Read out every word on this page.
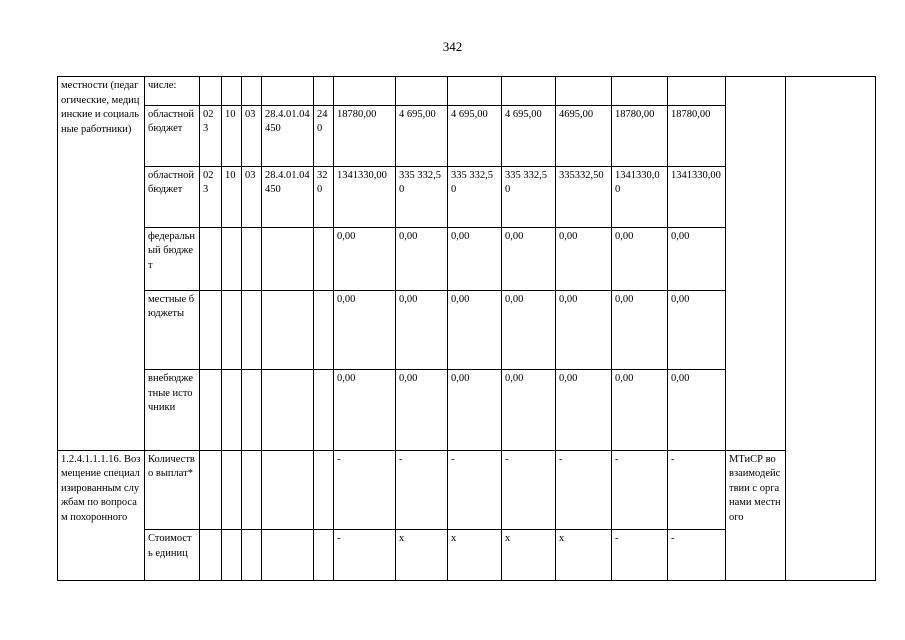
342
местности (педагогические, медицинские и социальные работники)	числе:														
	областной бюджет	023	10	03	28.4.01.04450	240	18780,00	4 695,00	4 695,00	4 695,00	4695,00	18780,00	18780,00		
	областной бюджет	023	10	03	28.4.01.04450	320	1341330,00	335 332,50	335 332,50	335 332,50	335332,50	1341330,00	1341330,00		
	федеральный бюджет						0,00	0,00	0,00	0,00	0,00	0,00	0,00		
	местные бюджеты						0,00	0,00	0,00	0,00	0,00	0,00	0,00		
	внебюджетные источники						0,00	0,00	0,00	0,00	0,00	0,00	0,00		
1.2.4.1.1.1.16. Возмещение специализированным службам по вопросам похоронного	Количество выплат*						-	-	-	-	-	-	-	МТиСР во взаимодействии с органами местного	
	Стоимость единиц						-	x	x	x	x	-	-		
